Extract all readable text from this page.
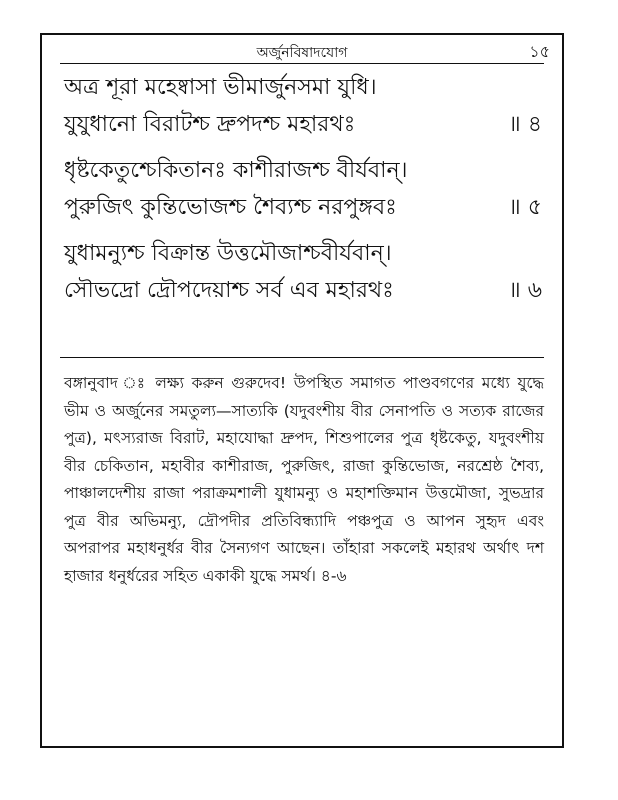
অর্জুনবিষাদযোগ	১৫
অত্র শূরা মহেষ্বাসা ভীমার্জুনসমা যুধি।
যুযুধানো বিরাটশ্চ দ্রুপদশ্চ মহারথঃ	॥ ৪
ধৃষ্টকেতুশ্চেকিতানঃ কাশীরাজশ্চ বীর্যবান্।
পুরুজিৎ কুন্তিভোজশ্চ শৈব্যশ্চ নরপুঙ্গবঃ	॥ ৫
যুধামন্যুশ্চ বিক্রান্ত উত্তমৌজাশ্চবীর্যবান্।
সৌভদ্রো দ্রৌপদেয়াশ্চ সর্ব এব মহারথঃ	॥ ৬
বঙ্গানুবাদ ঃ লক্ষ্য করুন গুরুদেব! উপস্থিত সমাগত পাণ্ডবগণের মধ্যে যুদ্ধে ভীম ও অর্জুনের সমতুল্য—সাত্যকি (যদুবংশীয় বীর সেনাপতি ও সত্যক রাজের পুত্র), মৎস্যরাজ বিরাট, মহাযোদ্ধা দ্রুপদ, শিশুপালের পুত্র ধৃষ্টকেতু, যদুবংশীয় বীর চেকিতান, মহাবীর কাশীরাজ, পুরুজিৎ, রাজা কুন্তিভোজ, নরশ্রেষ্ঠ শৈব্য, পাঞ্চালদেশীয় রাজা পরাক্রমশালী যুধামন্যু ও মহাশক্তিমান উত্তমৌজা, সুভদ্রার পুত্র বীর অভিমন্যু, দ্রৌপদীর প্রতিবিন্ধ্যাদি পঞ্চপুত্র ও আপন সুহৃদ এবং অপরাপর মহাধনুর্ধর বীর সৈন্যগণ আছেন। তাঁহারা সকলেই মহারথ অর্থাৎ দশ হাজার ধনুর্ধরের সহিত একাকী যুদ্ধে সমর্থ। ৪-৬
